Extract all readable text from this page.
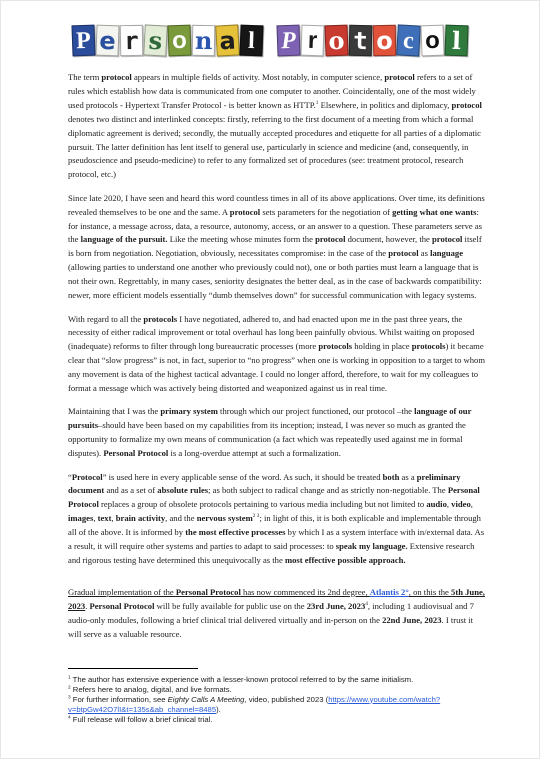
P e r s o n a l
	P r o t o c o l

The term protocol appears in multiple fields of activity. Most notably, in computer science, protocol refers to a set of rules which establish how data is communicated from one computer to another. Coincidentally, one of the most widely used protocols - Hypertext Transfer Protocol - is better known as HTTP.$^1$ Elsewhere, in politics and diplomacy, protocol denotes two distinct and interlinked concepts: firstly, referring to the first document of a meeting from which a formal diplomatic agreement is derived; secondly, the mutually accepted procedures and etiquette for all parties of a diplomatic pursuit. The latter definition has lent itself to general use, particularly in science and medicine (and, consequently, in pseudoscience and pseudo-medicine) to refer to any formalized set of procedures (see: treatment protocol, research protocol, etc.)

Since late 2020, I have seen and heard this word countless times in all of its above applications. Over time, its definitions revealed themselves to be one and the same. A protocol sets parameters for the negotiation of getting what one wants: for instance, a message across, data, a resource, autonomy, access, or an answer to a question. These parameters serve as the language of the pursuit. Like the meeting whose minutes form the protocol document, however, the protocol itself is born from negotiation. Negotiation, obviously, necessitates compromise: in the case of the protocol as language (allowing parties to understand one another who previously could not), one or both parties must learn a language that is not their own. Regrettably, in many cases, seniority designates the better deal, as in the case of backwards compatibility: newer, more efficient models essentially “dumb themselves down” for successful communication with legacy systems.

With regard to all the protocols I have negotiated, adhered to, and had enacted upon me in the past three years, the necessity of either radical improvement or total overhaul has long been painfully obvious. Whilst waiting on proposed (inadequate) reforms to filter through long bureaucratic processes (more protocols holding in place protocols) it became clear that “slow progress” is not, in fact, superior to “no progress” when one is working in opposition to a target to whom any movement is data of the highest tactical advantage. I could no longer afford, therefore, to wait for my colleagues to format a message which was actively being distorted and weaponized against us in real time.

Maintaining that I was the primary system through which our project functioned, our protocol –the language of our pursuits–should have been based on my capabilities from its inception; instead, I was never so much as granted the opportunity to formalize my own means of communication (a fact which was repeatedly used against me in formal disputes). Personal Protocol is a long-overdue attempt at such a formalization.

“Protocol” is used here in every applicable sense of the word. As such, it should be treated both as a preliminary document and as a set of absolute rules; as both subject to radical change and as strictly non-negotiable. The Personal Protocol replaces a group of obsolete protocols pertaining to various media including but not limited to audio, video, images, text, brain activity, and the nervous system$^{2 3}$; in light of this, it is both explicable and implementable through all of the above. It is informed by the most effective processes by which I as a system interface with in/external data. As a result, it will require other systems and parties to adapt to said processes: to speak my language. Extensive research and rigorous testing have determined this unequivocally as the most effective possible approach.

Gradual implementation of the Personal Protocol has now commenced its 2nd degree, Atlantis 2°, on this the 5th June, 2023. Personal Protocol will be fully available for public use on the 23rd June, 2023$^4$, including 1 audiovisual and 7 audio-only modules, following a brief clinical trial delivered virtually and in-person on the 22nd June, 2023. I trust it will serve as a valuable resource.

$^1$ The author has extensive experience with a lesser-known protocol referred to by the same initialism.

$^2$ Refers here to analog, digital, and live formats.

$^3$ For further information, see Eighty Calls A Meeting, video, published 2023 (https://www.youtube.com/watch?v=btpGw42O7lI&t=135s&ab_channel=8485).

$^4$ Full release will follow a brief clinical trial.
